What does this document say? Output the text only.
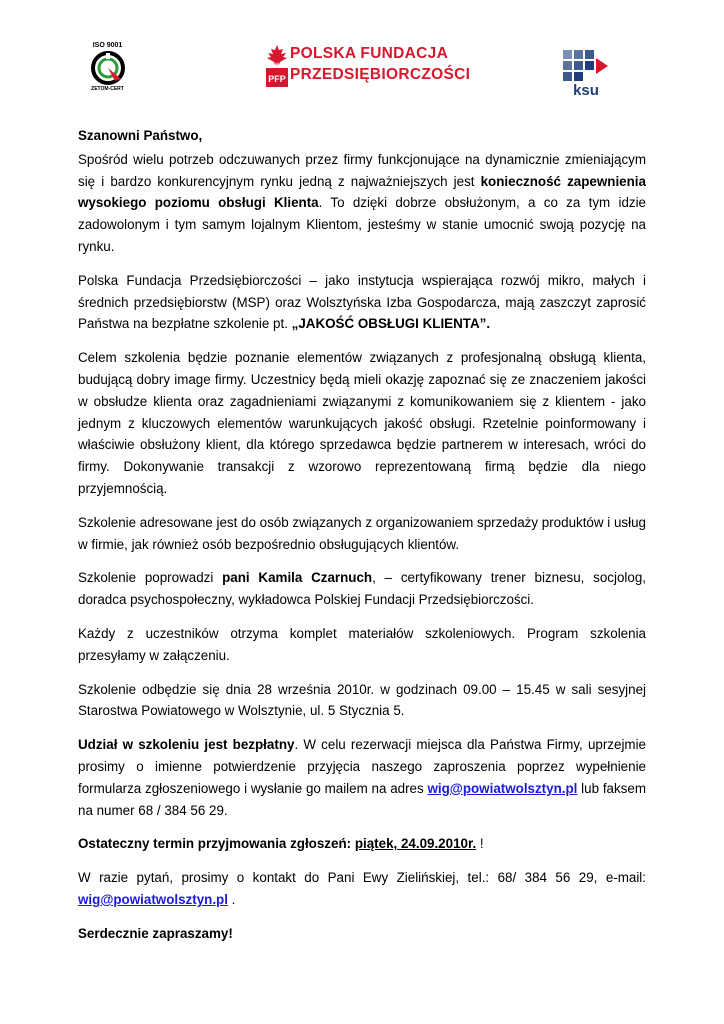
ISO 9001
ZETOM-CERT
PFP
POLSKA FUNDACJA
PRZEDSIĘBIORCZOŚCI
ksu

Szanowni Państwo,

Spośród wielu potrzeb odczuwanych przez firmy funkcjonujące na dynamicznie zmieniającym się i bardzo konkurencyjnym rynku jedną z najważniejszych jest konieczność zapewnienia wysokiego poziomu obsługi Klienta. To dzięki dobrze obsłużonym, a co za tym idzie zadowolonym i tym samym lojalnym Klientom, jesteśmy w stanie umocnić swoją pozycję na rynku.

Polska Fundacja Przedsiębiorczości – jako instytucja wspierająca rozwój mikro, małych i średnich przedsiębiorstw (MSP) oraz Wolsztyńska Izba Gospodarcza, mają zaszczyt zaprosić Państwa na bezpłatne szkolenie pt. „JAKOŚĆ OBSŁUGI KLIENTA”.

Celem szkolenia będzie poznanie elementów związanych z profesjonalną obsługą klienta, budującą dobry image firmy. Uczestnicy będą mieli okazję zapoznać się ze znaczeniem jakości w obsłudze klienta oraz zagadnieniami związanymi z komunikowaniem się z klientem - jako jednym z kluczowych elementów warunkujących jakość obsługi. Rzetelnie poinformowany i właściwie obsłużony klient, dla którego sprzedawca będzie partnerem w interesach, wróci do firmy. Dokonywanie transakcji z wzorowo reprezentowaną firmą będzie dla niego przyjemnością.

Szkolenie adresowane jest do osób związanych z organizowaniem sprzedaży produktów i usług w firmie, jak również osób bezpośrednio obsługujących klientów.

Szkolenie poprowadzi pani Kamila Czarnuch, – certyfikowany trener biznesu, socjolog, doradca psychospołeczny, wykładowca Polskiej Fundacji Przedsiębiorczości.

Każdy z uczestników otrzyma komplet materiałów szkoleniowych. Program szkolenia przesyłamy w załączeniu.

Szkolenie odbędzie się dnia 28 września 2010r. w godzinach 09.00 – 15.45 w sali sesyjnej Starostwa Powiatowego w Wolsztynie, ul. 5 Stycznia 5.

Udział w szkoleniu jest bezpłatny. W celu rezerwacji miejsca dla Państwa Firmy, uprzejmie prosimy o imienne potwierdzenie przyjęcia naszego zaproszenia poprzez wypełnienie formularza zgłoszeniowego i wysłanie go mailem na adres wig@powiatwolsztyn.pl lub faksem na numer 68 / 384 56 29.

Ostateczny termin przyjmowania zgłoszeń: piątek, 24.09.2010r. !

W razie pytań, prosimy o kontakt do Pani Ewy Zielińskiej, tel.: 68/ 384 56 29, e-mail: wig@powiatwolsztyn.pl .

Serdecznie zapraszamy!
